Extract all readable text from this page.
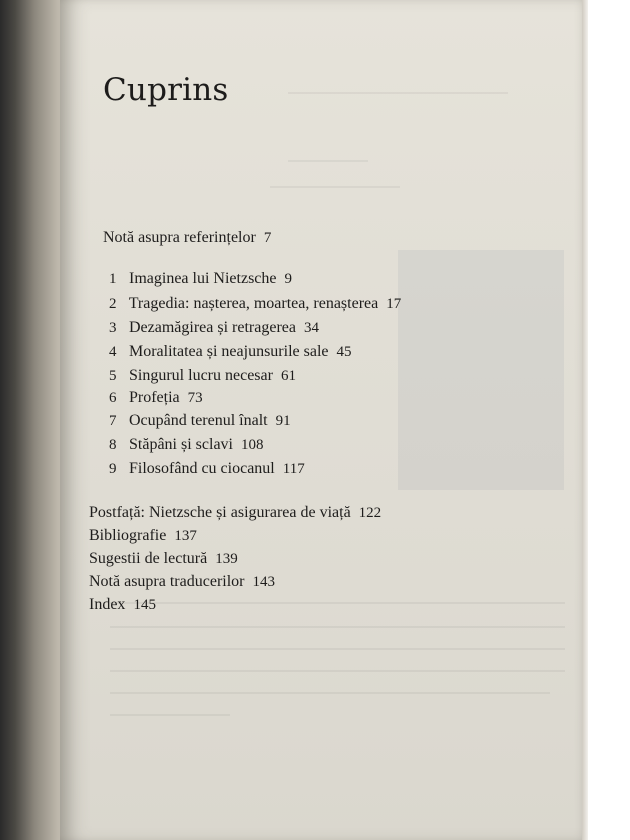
Cuprins
Notă asupra referințelor 7
1 Imaginea lui Nietzsche 9
2 Tragedia: nașterea, moartea, renașterea 17
3 Dezamăgirea și retragerea 34
4 Moralitatea și neajunsurile sale 45
5 Singurul lucru necesar 61
6 Profeția 73
7 Ocupând terenul înalt 91
8 Stăpâni și sclavi 108
9 Filosofând cu ciocanul 117
Postfață: Nietzsche și asigurarea de viață 122
Bibliografie 137
Sugestii de lectură 139
Notă asupra traducerilor 143
Index 145
